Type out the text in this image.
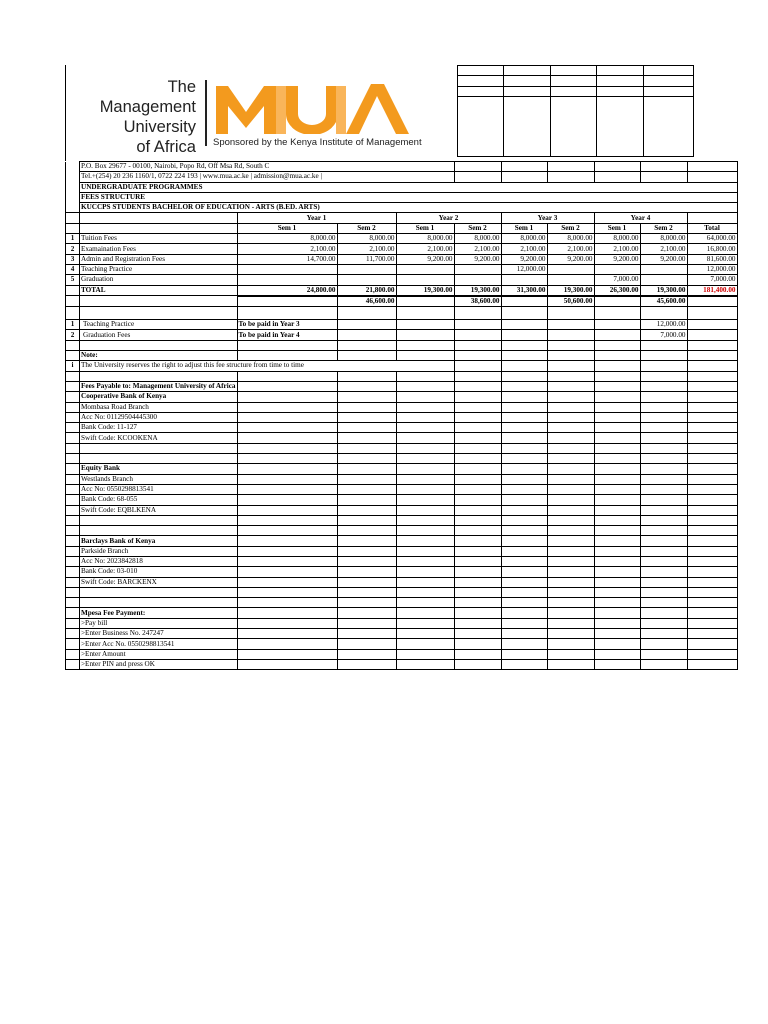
The
Management
University
of Africa Sponsored by the Kenya Institute of Management

	P.O. Box 29677 - 00100, Nairobi, Popo Rd, Off Msa Rd, South C									
	Tel.+(254) 20 236 1160/1, 0722 224 193 | www.mua.ac.ke | admission@mua.ac.ke |									
	UNDERGRADUATE PROGRAMMES									
	FEES STRUCTURE									
	KUCCPS STUDENTS BACHELOR OF EDUCATION - ARTS (B.ED. ARTS)									
		Year 1		Year 2		Year 3		Year 4		
		Sem 1	Sem 2	Sem 1	Sem 2	Sem 1	Sem 2	Sem 1	Sem 2	Total
1	Tuition Fees	8,000.00	8,000.00	8,000.00	8,000.00	8,000.00	8,000.00	8,000.00	8,000.00	64,000.00
2	Examaination Fees	2,100.00	2,100.00	2,100.00	2,100.00	2,100.00	2,100.00	2,100.00	2,100.00	16,800.00
3	Admin and Registration Fees	14,700.00	11,700.00	9,200.00	9,200.00	9,200.00	9,200.00	9,200.00	9,200.00	81,600.00
4	Teaching Practice					12,000.00				12,000.00
5	Graduation							7,000.00		7,000.00
	TOTAL	24,800.00	21,800.00	19,300.00	19,300.00	31,300.00	19,300.00	26,300.00	19,300.00	181,400.00
			46,600.00		38,600.00		50,600.00		45,600.00	

1	Teaching Practice	To be paid in Year 3							12,000.00	
2	Graduation Fees	To be paid in Year 4							7,000.00	

	Note:									
i	The University reserves the right to adjust this fee structure from time to time									

	Fees Payable to: Management University of Africa									
	Cooperative Bank of Kenya									
	Mombasa Road Branch									
	Acc No: 01129504445300									
	Bank Code: 11-127									
	Swift Code: KCOOKENA									

	Equity Bank									
	Westlands Branch									
	Acc No: 0550298813541									
	Bank Code: 68-055									
	Swift Code: EQBLKENA									

	Barclays Bank of Kenya									
	Parkside Branch									
	Acc No: 2023842818									
	Bank Code: 03-010									
	Swift Code: BARCKENX									

	Mpesa Fee Payment:									
	>Pay bill									
	>Enter Business No. 247247									
	>Enter Acc No. 0550298813541									
	>Enter Amount									
	>Enter PIN and press OK									
